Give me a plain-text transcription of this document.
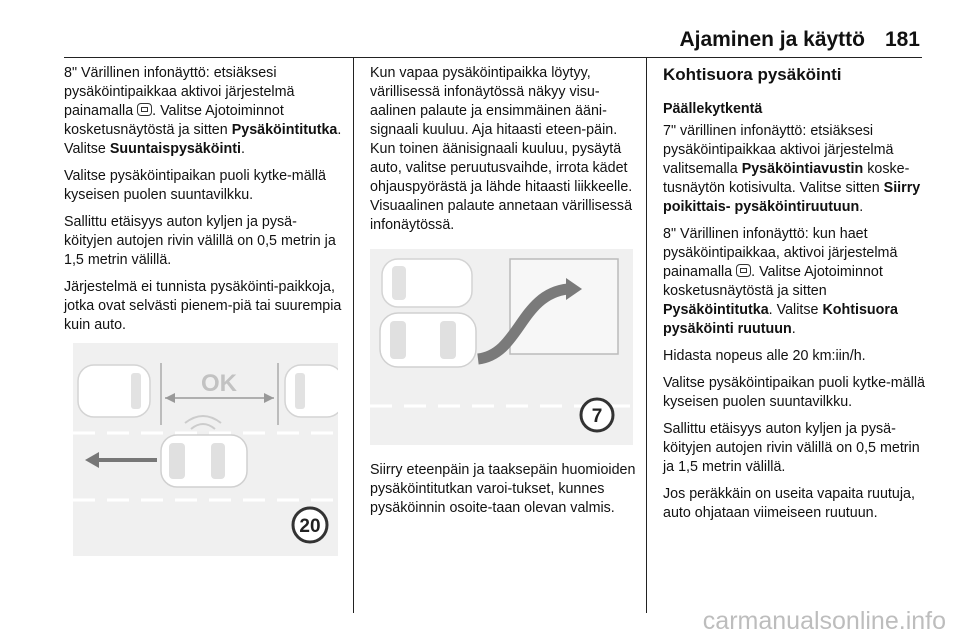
Ajaminen ja käyttö 181

8" Värillinen infonäyttö: etsiäksesi pysäköintipaikkaa aktivoi järjestelmä painamalla . Valitse Ajotoiminnot kosketusnäytöstä ja sitten Pysäköintitutka. Valitse Suuntaispysäköinti.

Valitse pysäköintipaikan puoli kytke-mällä kyseisen puolen suuntavilkku.

Sallittu etäisyys auton kyljen ja pysä-köityjen autojen rivin välillä on 0,5 metrin ja 1,5 metrin välillä.

Järjestelmä ei tunnista pysäköinti-paikkoja, jotka ovat selvästi pienem-piä tai suurempia kuin auto.

OK
20

Kun vapaa pysäköintipaikka löytyy, värillisessä infonäytössä näkyy visu-aalinen palaute ja ensimmäinen ääni-signaali kuuluu. Aja hitaasti eteen-päin. Kun toinen äänisignaali kuuluu, pysäytä auto, valitse peruutusvaihde, irrota kädet ohjauspyörästä ja lähde hitaasti liikkeelle. Visuaalinen palaute annetaan värillisessä infonäytössä.

7

Siirry eteenpäin ja taaksepäin huomioiden pysäköintitutkan varoi-tukset, kunnes pysäköinnin osoite-taan olevan valmis.

Kohtisuora pysäköinti
Päällekytkentä

7" värillinen infonäyttö: etsiäksesi pysäköintipaikkaa aktivoi järjestelmä valitsemalla Pysäköintiavustin koske-tusnäytön kotisivulta. Valitse sitten Siirry poikittais- pysäköintiruutuun.

8" Värillinen infonäyttö: kun haet pysäköintipaikkaa, aktivoi järjestelmä painamalla . Valitse Ajotoiminnot kosketusnäytöstä ja sitten Pysäköintitutka. Valitse Kohtisuora pysäköinti ruutuun.

Hidasta nopeus alle 20 km:iin/h.

Valitse pysäköintipaikan puoli kytke-mällä kyseisen puolen suuntavilkku.

Sallittu etäisyys auton kyljen ja pysä-köityjen autojen rivin välillä on 0,5 metrin ja 1,5 metrin välillä.

Jos peräkkäin on useita vapaita ruutuja, auto ohjataan viimeiseen ruutuun.

carmanualsonline.info
